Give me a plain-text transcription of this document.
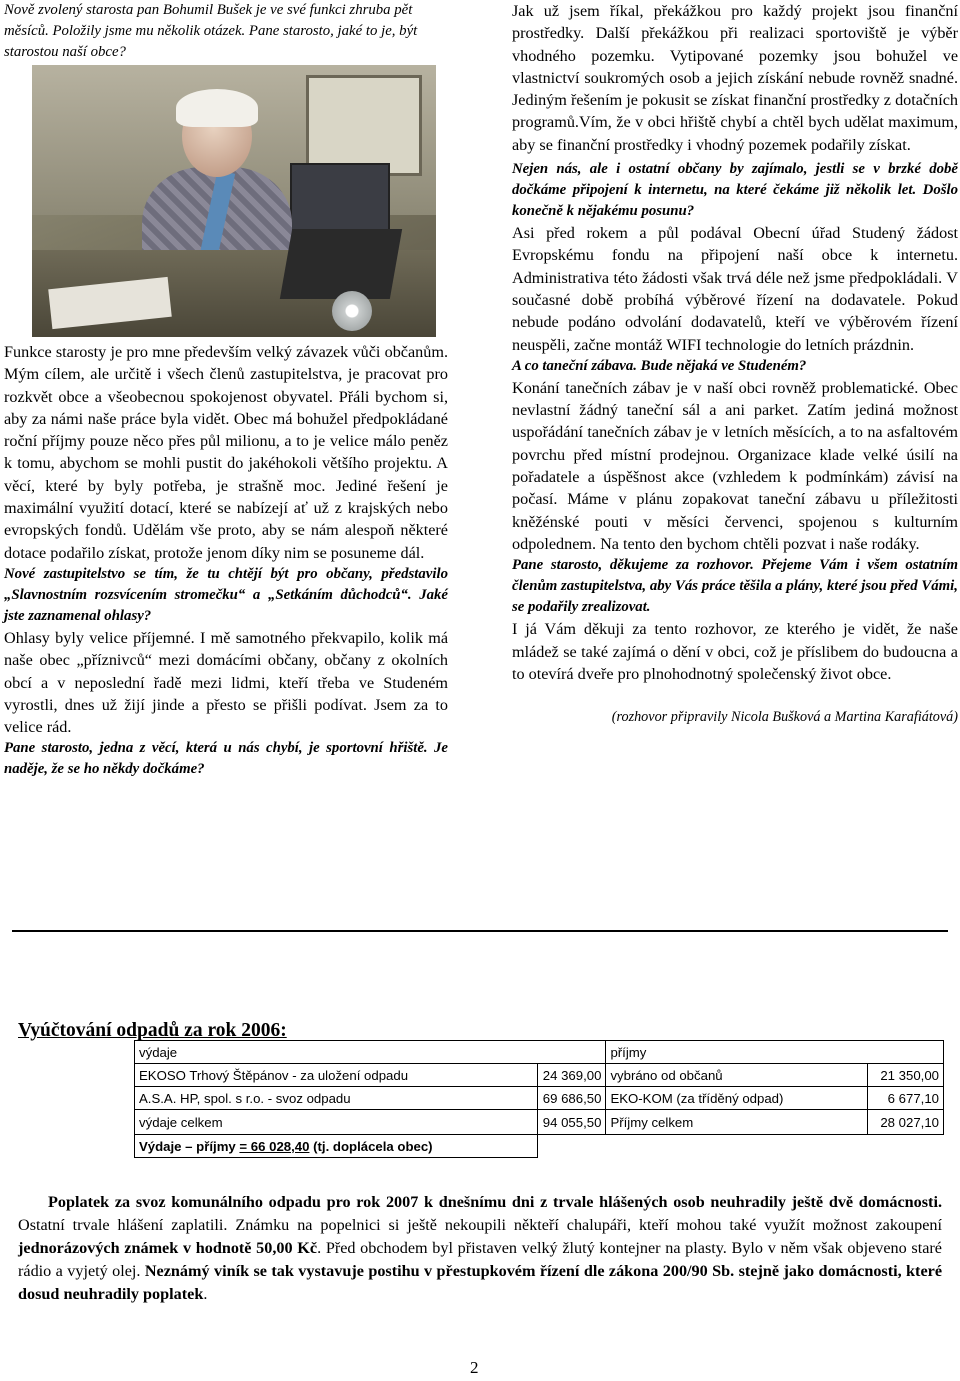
Nově zvolený starosta pan Bohumil Bušek je ve své funkci zhruba pět měsíců. Položily jsme mu několik otázek. Pane starosto, jaké to je, být starostou naší obce?

Funkce starosty je pro mne především velký závazek vůči občanům. Mým cílem, ale určitě i všech členů zastupitelstva, je pracovat pro rozkvět obce a všeobecnou spokojenost obyvatel. Přáli bychom si, aby za námi naše práce byla vidět. Obec má bohužel předpokládané roční příjmy pouze něco přes půl milionu, a to je velice málo peněz k tomu, abychom se mohli pustit do jakéhokoli většího projektu. A věcí, které by byly potřeba, je strašně moc. Jediné řešení je maximální využití dotací, které se nabízejí ať už z krajských nebo evropských fondů. Udělám vše proto, aby se nám alespoň některé dotace podařilo získat, protože jenom díky nim se posuneme dál.

Nové zastupitelstvo se tím, že tu chtějí být pro občany, představilo „Slavnostním rozsvícením stromečku“ a „Setkáním důchodců“. Jaké jste zaznamenal ohlasy?

Ohlasy byly velice příjemné. I mě samotného překvapilo, kolik má naše obec „příznivců“ mezi domácími občany, občany z okolních obcí a v neposlední řadě mezi lidmi, kteří třeba ve Studeném vyrostli, dnes už žijí jinde a přesto se přišli podívat. Jsem za to velice rád.

Pane starosto, jedna z věcí, která u nás chybí, je sportovní hřiště. Je naděje, že se ho někdy dočkáme?

Jak už jsem říkal, překážkou pro každý projekt jsou finanční prostředky. Další překážkou při realizaci sportoviště je výběr vhodného pozemku. Vytipované pozemky jsou bohužel ve vlastnictví soukromých osob a jejich získání nebude rovněž snadné. Jediným řešením je pokusit se získat finanční prostředky z dotačních programů.Vím, že v obci hřiště chybí a chtěl bych udělat maximum, aby se finanční prostředky i vhodný pozemek podařily získat.

Nejen nás, ale i ostatní občany by zajímalo, jestli se v brzké době dočkáme připojení k internetu, na které čekáme již několik let. Došlo konečně k nějakému posunu?

Asi před rokem a půl podával Obecní úřad Studený žádost Evropskému fondu na připojení naší obce k internetu. Administrativa této žádosti však trvá déle než jsme předpokládali. V současné době probíhá výběrové řízení na dodavatele. Pokud nebude podáno odvolání dodavatelů, kteří ve výběrovém řízení neuspěli, začne montáž WIFI technologie do letních prázdnin.

A co taneční zábava. Bude nějaká ve Studeném?

Konání tanečních zábav je v naší obci rovněž problematické. Obec nevlastní žádný taneční sál a ani parket. Zatím jediná možnost uspořádání tanečních zábav je v letních měsících, a to na asfaltovém povrchu před místní prodejnou. Organizace klade velké úsilí na pořadatele a úspěšnost akce (vzhledem k podmínkám) závisí na počasí. Máme v plánu zopakovat taneční zábavu u příležitosti kněžénské pouti v měsíci červenci, spojenou s kulturním odpolednem. Na tento den bychom chtěli pozvat i naše rodáky.

Pane starosto, děkujeme za rozhovor. Přejeme Vám i všem ostatním členům zastupitelstva, aby Vás práce těšila a plány, které jsou před Vámi, se podařily zrealizovat.

I já Vám děkuji za tento rozhovor, ze kterého je vidět, že naše mládež se také zajímá o dění v obci, což je příslibem do budoucna a to otevírá dveře pro plnohodnotný společenský život obce.

(rozhovor připravily Nicola Bušková a Martina Karafiátová)

Vyúčtování odpadů za rok 2006:

výdaje		příjmy	
EKOSO Trhový Štěpánov - za uložení odpadu	24 369,00	vybráno od občanů	21 350,00
A.S.A. HP, spol. s r.o. - svoz odpadu	69 686,50	EKO-KOM (za tříděný odpad)	6 677,10
výdaje celkem	94 055,50	Příjmy celkem	28 027,10
Výdaje – příjmy = 66 028,40 (tj. doplácela obec)			

Poplatek za svoz komunálního odpadu pro rok 2007 k dnešnímu dni z trvale hlášených osob neuhradily ještě dvě domácnosti. Ostatní trvale hlášení zaplatili. Známku na popelnici si ještě nekoupili někteří chalupáři, kteří mohou také využít možnost zakoupení jednorázových známek v hodnotě 50,00 Kč. Před obchodem byl přistaven velký žlutý kontejner na plasty. Bylo v něm však objeveno staré rádio a vyjetý olej. Neznámý viník se tak vystavuje postihu v přestupkovém řízení dle zákona 200/90 Sb. stejně jako domácnosti, které dosud neuhradily poplatek.

2
